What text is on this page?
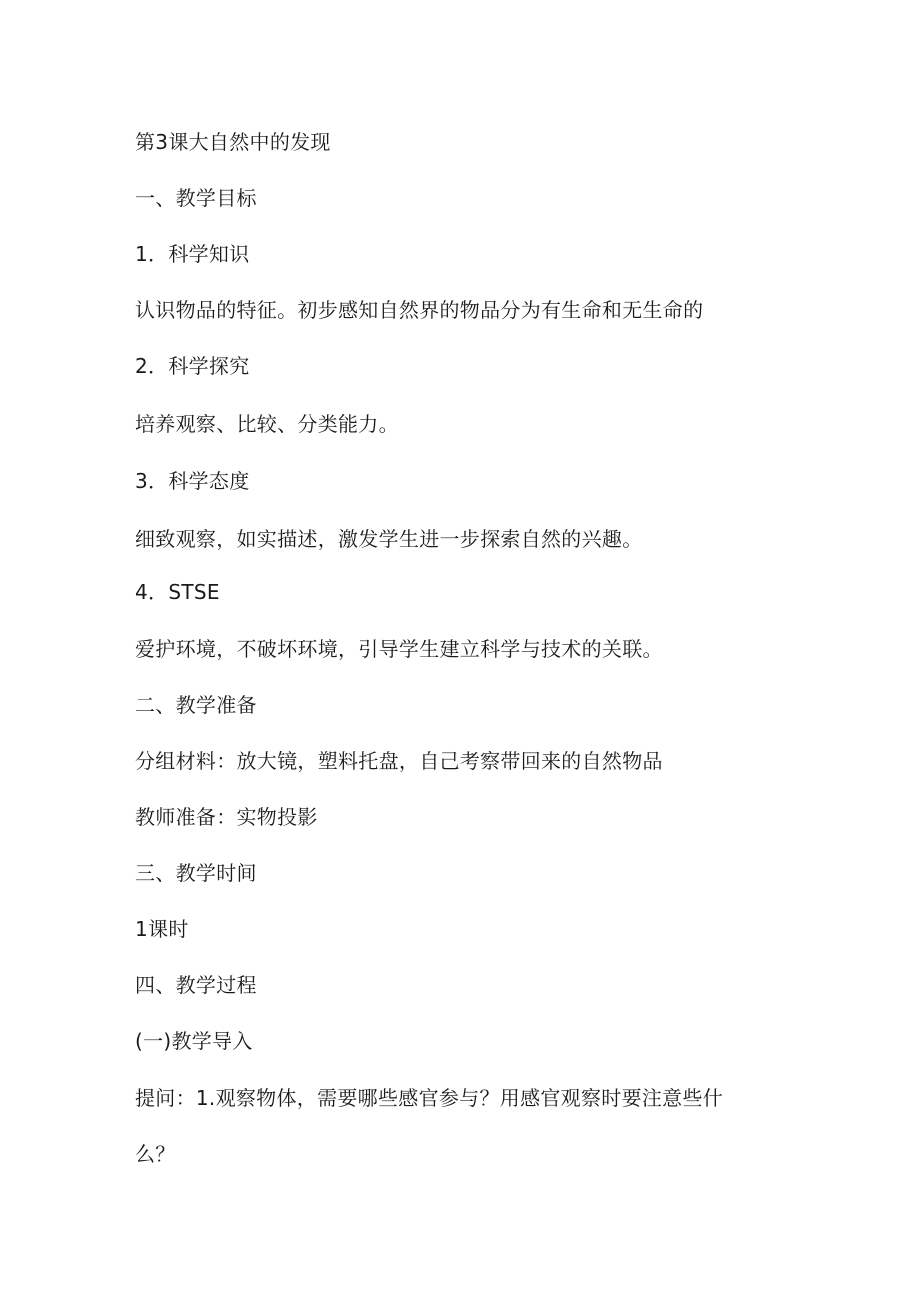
第3课大自然中的发现
一、教学目标
1．科学知识
认识物品的特征。初步感知自然界的物品分为有生命和无生命的
2．科学探究
培养观察、比较、分类能力。
3．科学态度
细致观察，如实描述，激发学生进一步探索自然的兴趣。
4．STSE
爱护环境，不破坏环境，引导学生建立科学与技术的关联。
二、教学准备
分组材料：放大镜，塑料托盘，自己考察带回来的自然物品
教师准备：实物投影
三、教学时间
1课时
四、教学过程
(一)教学导入
提问：1.观察物体，需要哪些感官参与？用感官观察时要注意些什
么？
